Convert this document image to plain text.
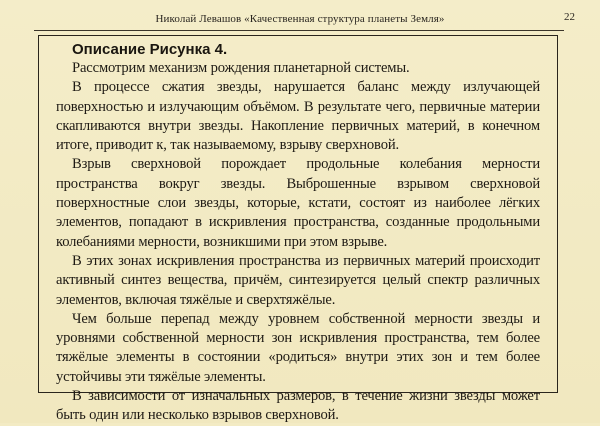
Николай Левашов «Качественная структура планеты Земля»	22

Описание Рисунка 4.

Рассмотрим механизм рождения планетарной системы.

В процессе сжатия звезды, нарушается баланс между излучающей поверхностью и излучающим объёмом. В результате чего, первичные материи скапливаются внутри звезды. Накопление первичных материй, в конечном итоге, приводит к, так называемому, взрыву сверхновой.

Взрыв сверхновой порождает продольные колебания мерности пространства вокруг звезды. Выброшенные взрывом сверхновой поверхностные слои звезды, которые, кстати, состоят из наиболее лёгких элементов, попадают в искривления пространства, созданные продольными колебаниями мерности, возникшими при этом взрыве.

В этих зонах искривления пространства из первичных материй происходит активный синтез вещества, причём, синтезируется целый спектр различных элементов, включая тяжёлые и сверхтяжёлые.

Чем больше перепад между уровнем собственной мерности звезды и уровнями собственной мерности зон искривления пространства, тем более тяжёлые элементы в состоянии «родиться» внутри этих зон и тем более устойчивы эти тяжёлые элементы.

В зависимости от изначальных размеров, в течение жизни звезды может быть один или несколько взрывов сверхновой.
